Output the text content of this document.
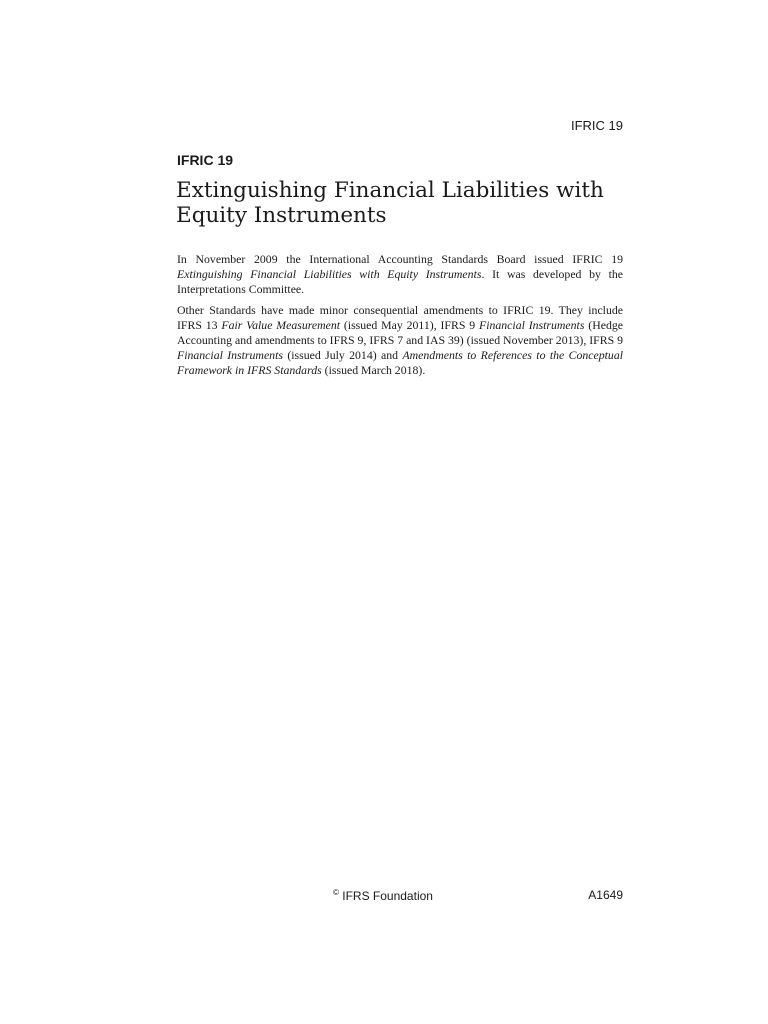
IFRIC 19
IFRIC 19
Extinguishing Financial Liabilities with
Equity Instruments

In November 2009 the International Accounting Standards Board issued IFRIC 19 Extinguishing Financial Liabilities with Equity Instruments. It was developed by the Interpretations Committee.

Other Standards have made minor consequential amendments to IFRIC 19. They include IFRS 13 Fair Value Measurement (issued May 2011), IFRS 9 Financial Instruments (Hedge Accounting and amendments to IFRS 9, IFRS 7 and IAS 39) (issued November 2013), IFRS 9 Financial Instruments (issued July 2014) and Amendments to References to the Conceptual Framework in IFRS Standards (issued March 2018).

© IFRS Foundation	A1649
